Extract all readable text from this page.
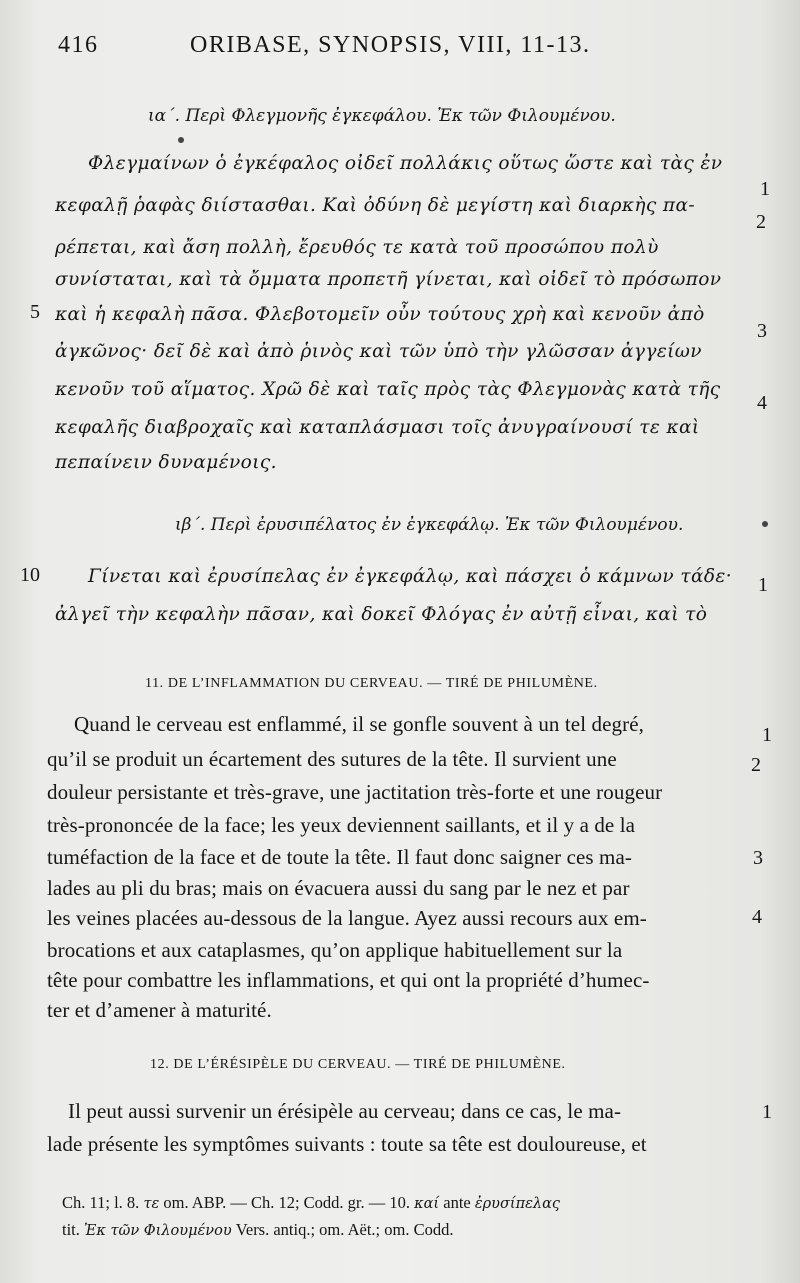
416	ORIBASE, SYNOPSIS, VIII, 11-13.
ια΄. Περὶ Φλεγμονῆς ἐγκεφάλου. Ἐκ τῶν Φιλουμένου.
Φλεγμαίνων ὁ ἐγκέφαλος οἰδεῖ πολλάκις οὕτως ὥστε καὶ τὰς ἐν
κεφαλῇ ῥαφὰς διίστασθαι. Καὶ ὀδύνη δὲ μεγίστη καὶ διαρκὴς πα-
ρέπεται, καὶ ἄση πολλὴ, ἔρευθός τε κατὰ τοῦ προσώπου πολὺ
συνίσταται, καὶ τὰ ὄμματα προπετῆ γίνεται, καὶ οἰδεῖ τὸ πρόσωπον
καὶ ἡ κεφαλὴ πᾶσα. Φλεβοτομεῖν οὖν τούτους χρὴ καὶ κενοῦν ἀπὸ
ἀγκῶνος· δεῖ δὲ καὶ ἀπὸ ῥινὸς καὶ τῶν ὑπὸ τὴν γλῶσσαν ἀγγείων
κενοῦν τοῦ αἵματος. Χρῶ δὲ καὶ ταῖς πρὸς τὰς Φλεγμονὰς κατὰ τῆς
κεφαλῆς διαβροχαῖς καὶ καταπλάσμασι τοῖς ἀνυγραίνουσί τε καὶ
πεπαίνειν δυναμένοις.
5
1
2
3
4
ιβ΄. Περὶ ἐρυσιπέλατος ἐν ἐγκεφάλῳ. Ἐκ τῶν Φιλουμένου.
Γίνεται καὶ ἐρυσίπελας ἐν ἐγκεφάλῳ, καὶ πάσχει ὁ κάμνων τάδε·
ἀλγεῖ τὴν κεφαλὴν πᾶσαν, καὶ δοκεῖ Φλόγας ἐν αὐτῇ εἶναι, καὶ τὸ
10	1
11. DE L’INFLAMMATION DU CERVEAU. — TIRÉ DE PHILUMÈNE.
Quand le cerveau est enflammé, il se gonfle souvent à un tel degré,
qu’il se produit un écartement des sutures de la tête. Il survient une
douleur persistante et très-grave, une jactitation très-forte et une rougeur
très-prononcée de la face; les yeux deviennent saillants, et il y a de la
tuméfaction de la face et de toute la tête. Il faut donc saigner ces ma-
lades au pli du bras; mais on évacuera aussi du sang par le nez et par
les veines placées au-dessous de la langue. Ayez aussi recours aux em-
brocations et aux cataplasmes, qu’on applique habituellement sur la
tête pour combattre les inflammations, et qui ont la propriété d’humec-
ter et d’amener à maturité.
1
2
3
4
12. DE L’ÉRÉSIPÈLE DU CERVEAU. — TIRÉ DE PHILUMÈNE.
Il peut aussi survenir un érésipèle au cerveau; dans ce cas, le ma-
lade présente les symptômes suivants : toute sa tête est douloureuse, et
1
Ch. 11; l. 8. τε om. ABP. — Ch. 12; Codd. gr. — 10. καί ante ἐρυσίπελας
tit. Ἐκ τῶν Φιλουμένου Vers. antiq.; om. Aët.; om. Codd.
